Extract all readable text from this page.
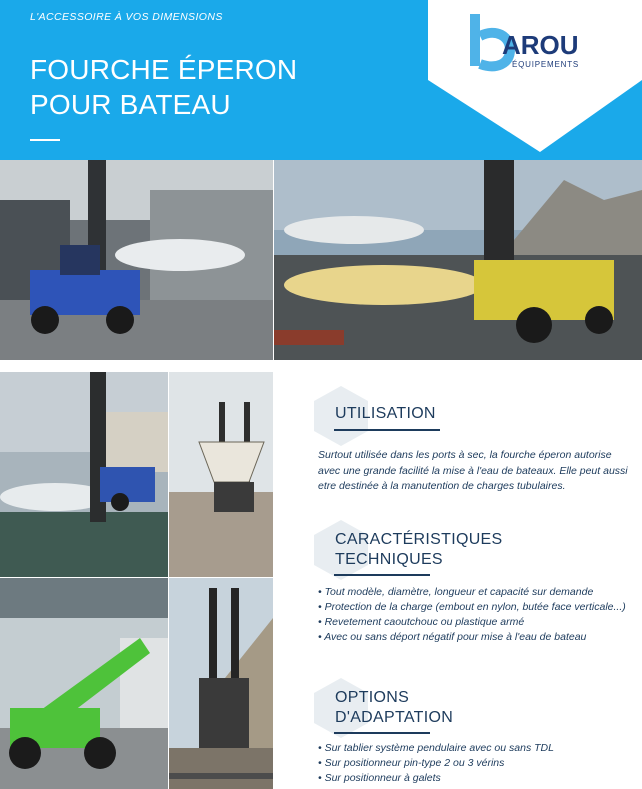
L'ACCESSOIRE À VOS DIMENSIONS
FOURCHE ÉPERON
POUR BATEAU
AROU
ÉQUIPEMENTS
UTILISATION
Surtout utilisée dans les ports à sec, la fourche éperon autorise avec une grande facilité la mise à l'eau de bateaux. Elle peut aussi etre destinée à la manutention de charges tubulaires.
CARACTÉRISTIQUES
TECHNIQUES
• Tout modèle, diamètre, longueur et capacité sur demande
• Protection de la charge (embout en nylon, butée face verticale...)
• Revetement caoutchouc ou plastique armé
• Avec ou sans déport négatif pour mise à l'eau de bateau
OPTIONS
D'ADAPTATION
• Sur tablier système pendulaire avec ou sans TDL
• Sur positionneur pin-type 2 ou 3 vérins
• Sur positionneur à galets
